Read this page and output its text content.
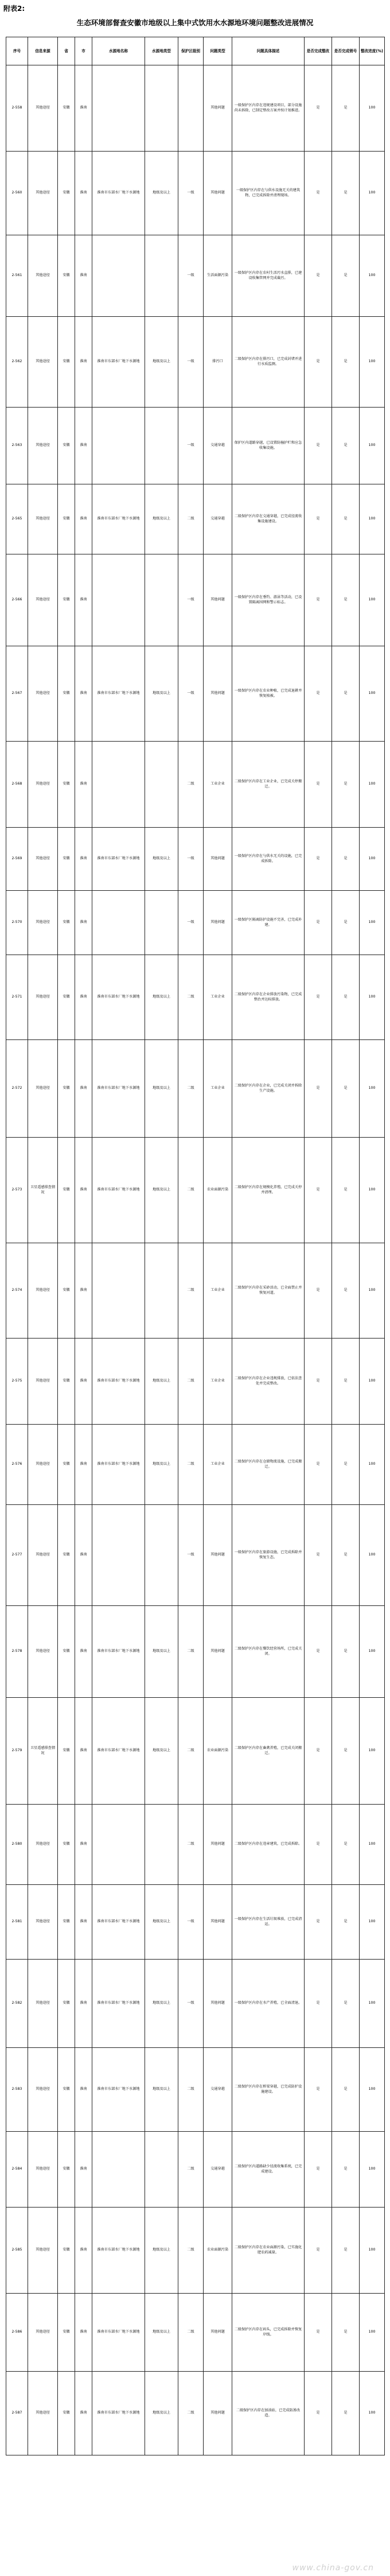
附表2:
生态环境部督查安徽市地级以上集中式饮用水水源地环境问题整改进展情况
序号	信息来源	省	市	水源地名称	水源地类型	保护区级别	问题类型	问题具体描述	是否完成整改	是否完成销号	整改进度(%)
2-558	其他途径	安徽	淮南				其他问题	一级保护区内存在违规建设项目，部分设施尚未拆除，已制定整改方案并按计划推进。	是	是	100
2-560	其他途径	安徽	淮南	淮南市东部水厂地下水源地	地级及以上	一级	其他问题	一级保护区内存在与供水设施无关的建筑物，已完成拆除并清理现场。	是	是	100
2-561	其他途径	安徽	淮南			一级	生活面源污染	一级保护区内存在农村生活污水直排，已建设收集管网并完成截污。	是	是	100
2-562	其他途径	安徽	淮南	淮南市东部水厂地下水源地	地级及以上	一级	排污口	二级保护区内存在排污口，已完成封堵并进行水质监测。	是	是	100
2-563	其他途径	安徽	淮南			一级	交通穿越	保护区内道路穿越，已设置防撞护栏和应急收集设施。	是	是	100
2-565	其他途径	安徽	淮南	淮南市东部水厂地下水源地	地级及以上	二级	交通穿越	二级保护区内存在交通穿越，已完成径流收集设施建设。	是	是	100
2-566	其他途径	安徽	淮南			一级	其他问题	一级保护区内存在垂钓、游泳等活动，已设置隔离围网和警示标志。	是	是	100
2-567	其他途径	安徽	淮南	淮南市东部水厂地下水源地	地级及以上	一级	其他问题	一级保护区内存在农业种植，已完成退耕并恢复植被。	是	是	100
2-568	其他途径	安徽	淮南			二级	工业企业	二级保护区内存在工业企业，已完成关停搬迁。	是	是	100
2-569	其他途径	安徽	淮南	淮南市东部水厂地下水源地	地级及以上	一级	其他问题	一级保护区内存在与供水无关的设施，已完成拆除。	是	是	100
2-570	其他途径	安徽	淮南			一级	其他问题	一级保护区隔离防护设施不完善，已完成补建。	是	是	100
2-571	其他途径	安徽	淮南	淮南市东部水厂地下水源地	地级及以上	二级	工业企业	二级保护区内存在企业排放污染物，已完成整治并达标排放。	是	是	100
2-572	其他途径	安徽	淮南	淮南市东部水厂地下水源地	地级及以上	二级	工业企业	二级保护区内存在企业，已完成关闭并拆除生产设施。	是	是	100
2-573	卫星遥感排查情况	安徽	淮南	淮南市东部水厂地下水源地	地级及以上	二级	农业面源污染	二级保护区内存在规模化养殖，已完成关停并清理。	是	是	100
2-574	其他途径	安徽	淮南			二级	工业企业	二级保护区内存在采砂活动，已全面禁止并恢复河道。	是	是	100
2-575	其他途径	安徽	淮南	淮南市东部水厂地下水源地	地级及以上	二级	工业企业	二级保护区内存在企业违规排放，已依法查处并完成整改。	是	是	100
2-576	其他途径	安徽	淮南	淮南市东部水厂地下水源地	地级及以上	二级	工业企业	二级保护区内存在仓储物流设施，已完成搬迁。	是	是	100
2-577	其他途径	安徽	淮南			一级	其他问题	一级保护区内存在旅游设施，已完成拆除并恢复生态。	是	是	100
2-578	其他途径	安徽	淮南	淮南市东部水厂地下水源地	地级及以上	二级	其他问题	二级保护区内存在餐饮经营场所，已完成关闭。	是	是	100
2-579	卫星遥感排查情况	安徽	淮南	淮南市东部水厂地下水源地	地级及以上	二级	农业面源污染	二级保护区内存在畜禽养殖，已完成关闭搬迁。	是	是	100
2-580	其他途径	安徽	淮南			二级	其他问题	二级保护区内存在违章建筑，已完成拆除。	是	是	100
2-581	其他途径	安徽	淮南	淮南市东部水厂地下水源地	地级及以上	一级	其他问题	一级保护区内存在生活垃圾堆放，已完成清运。	是	是	100
2-582	其他途径	安徽	淮南	淮南市东部水厂地下水源地	地级及以上	一级	其他问题	一级保护区内存在水产养殖，已全面清退。	是	是	100
2-583	其他途径	安徽	淮南	淮南市东部水厂地下水源地	地级及以上	二级	交通穿越	二级保护区内存在桥梁穿越，已完成防护设施建设。	是	是	100
2-584	其他途径	安徽	淮南			二级	交通穿越	二级保护区内道路缺少径流收集系统，已完成建设。	是	是	100
2-585	其他途径	安徽	淮南	淮南市东部水厂地下水源地	地级及以上	二级	农业面源污染	二级保护区内存在农业面源污染，已实施化肥农药减量。	是	是	100
2-586	其他途径	安徽	淮南	淮南市东部水厂地下水源地	地级及以上	二级	其他问题	二级保护区内存在码头，已完成拆除并恢复岸线。	是	是	100
2-587	其他途径	安徽	淮南	淮南市东部水厂地下水源地	地级及以上	二级	其他问题	二级保护区内存在加油站，已完成防渗改造。	是	是	100
www.china-gov.cn
